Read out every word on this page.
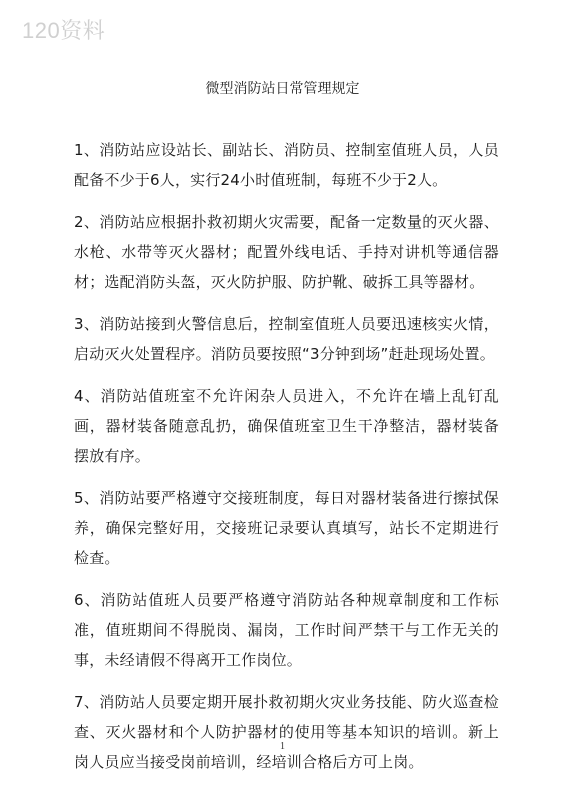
120资料
微型消防站日常管理规定

1、消防站应设站长、副站长、消防员、控制室值班人员，人员配备不少于6人，实行24小时值班制，每班不少于2人。

2、消防站应根据扑救初期火灾需要，配备一定数量的灭火器、水枪、水带等灭火器材；配置外线电话、手持对讲机等通信器材；选配消防头盔，灭火防护服、防护靴、破拆工具等器材。

3、消防站接到火警信息后，控制室值班人员要迅速核实火情，启动灭火处置程序。消防员要按照“3分钟到场”赶赴现场处置。

4、消防站值班室不允许闲杂人员进入，不允许在墙上乱钉乱画，器材装备随意乱扔，确保值班室卫生干净整洁，器材装备摆放有序。

5、消防站要严格遵守交接班制度，每日对器材装备进行擦拭保养，确保完整好用，交接班记录要认真填写，站长不定期进行检查。

6、消防站值班人员要严格遵守消防站各种规章制度和工作标准，值班期间不得脱岗、漏岗，工作时间严禁干与工作无关的事，未经请假不得离开工作岗位。

7、消防站人员要定期开展扑救初期火灾业务技能、防火巡查检查、灭火器材和个人防护器材的使用等基本知识的培训。新上岗人员应当接受岗前培训，经培训合格后方可上岗。

1
